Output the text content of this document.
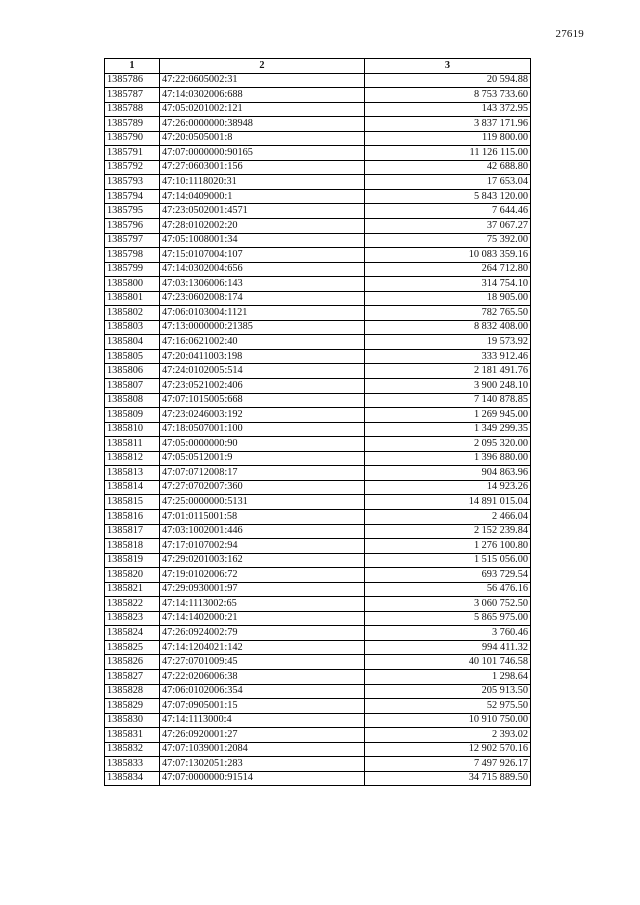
27619
1	2	3
1385786	47:22:0605002:31	20 594.88
1385787	47:14:0302006:688	8 753 733.60
1385788	47:05:0201002:121	143 372.95
1385789	47:26:0000000:38948	3 837 171.96
1385790	47:20:0505001:8	119 800.00
1385791	47:07:0000000:90165	11 126 115.00
1385792	47:27:0603001:156	42 688.80
1385793	47:10:1118020:31	17 653.04
1385794	47:14:0409000:1	5 843 120.00
1385795	47:23:0502001:4571	7 644.46
1385796	47:28:0102002:20	37 067.27
1385797	47:05:1008001:34	75 392.00
1385798	47:15:0107004:107	10 083 359.16
1385799	47:14:0302004:656	264 712.80
1385800	47:03:1306006:143	314 754.10
1385801	47:23:0602008:174	18 905.00
1385802	47:06:0103004:1121	782 765.50
1385803	47:13:0000000:21385	8 832 408.00
1385804	47:16:0621002:40	19 573.92
1385805	47:20:0411003:198	333 912.46
1385806	47:24:0102005:514	2 181 491.76
1385807	47:23:0521002:406	3 900 248.10
1385808	47:07:1015005:668	7 140 878.85
1385809	47:23:0246003:192	1 269 945.00
1385810	47:18:0507001:100	1 349 299.35
1385811	47:05:0000000:90	2 095 320.00
1385812	47:05:0512001:9	1 396 880.00
1385813	47:07:0712008:17	904 863.96
1385814	47:27:0702007:360	14 923.26
1385815	47:25:0000000:5131	14 891 015.04
1385816	47:01:0115001:58	2 466.04
1385817	47:03:1002001:446	2 152 239.84
1385818	47:17:0107002:94	1 276 100.80
1385819	47:29:0201003:162	1 515 056.00
1385820	47:19:0102006:72	693 729.54
1385821	47:29:0930001:97	56 476.16
1385822	47:14:1113002:65	3 060 752.50
1385823	47:14:1402000:21	5 865 975.00
1385824	47:26:0924002:79	3 760.46
1385825	47:14:1204021:142	994 411.32
1385826	47:27:0701009:45	40 101 746.58
1385827	47:22:0206006:38	1 298.64
1385828	47:06:0102006:354	205 913.50
1385829	47:07:0905001:15	52 975.50
1385830	47:14:1113000:4	10 910 750.00
1385831	47:26:0920001:27	2 393.02
1385832	47:07:1039001:2084	12 902 570.16
1385833	47:07:1302051:283	7 497 926.17
1385834	47:07:0000000:91514	34 715 889.50
